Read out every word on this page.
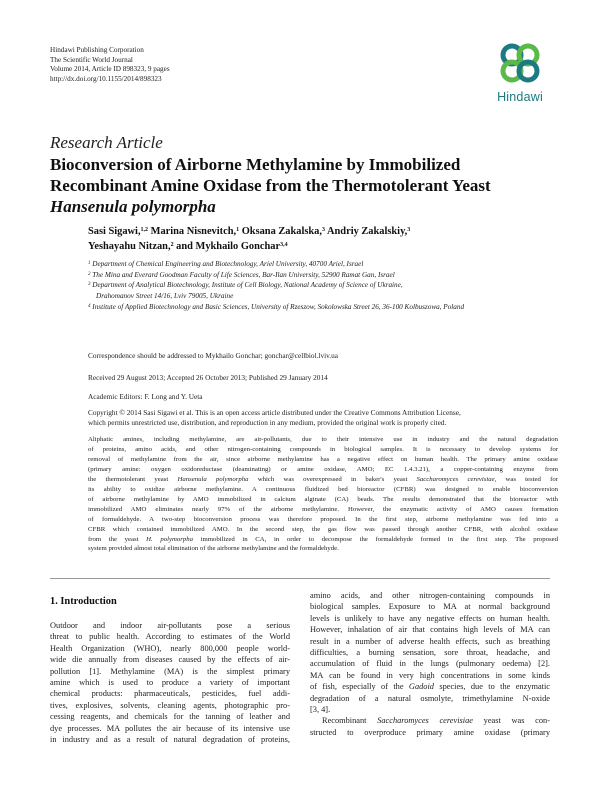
Hindawi Publishing Corporation
The Scientific World Journal
Volume 2014, Article ID 898323, 9 pages
http://dx.doi.org/10.1155/2014/898323
Hindawi
Research Article
Bioconversion of Airborne Methylamine by Immobilized
Recombinant Amine Oxidase from the Thermotolerant Yeast
Hansenula polymorpha
Sasi Sigawi,$^{1,2}$ Marina Nisnevitch,$^1$ Oksana Zakalska,$^3$ Andriy Zakalskiy,$^3$
Yeshayahu Nitzan,$^2$ and Mykhailo Gonchar$^{3,4}$
$^1$ Department of Chemical Engineering and Biotechnology, Ariel University, 40700 Ariel, Israel
$^2$ The Mina and Everard Goodman Faculty of Life Sciences, Bar-Ilan University, 52900 Ramat Gan, Israel
$^3$ Department of Analytical Biotechnology, Institute of Cell Biology, National Academy of Science of Ukraine,
Drahomanov Street 14/16, Lviv 79005, Ukraine
$^4$ Institute of Applied Biotechnology and Basic Sciences, University of Rzeszow, Sokolowska Street 26, 36-100 Kolbuszowa, Poland
Correspondence should be addressed to Mykhailo Gonchar; gonchar@cellbiol.lviv.ua
Received 29 August 2013; Accepted 26 October 2013; Published 29 January 2014
Academic Editors: F. Long and Y. Ueta
Copyright © 2014 Sasi Sigawi et al. This is an open access article distributed under the Creative Commons Attribution License,
which permits unrestricted use, distribution, and reproduction in any medium, provided the original work is properly cited.
Aliphatic amines, including methylamine, are air-pollutants, due to their intensive use in industry and the natural degradation
of proteins, amino acids, and other nitrogen-containing compounds in biological samples. It is necessary to develop systems for
removal of methylamine from the air, since airborne methylamine has a negative effect on human health. The primary amine oxidase
(primary amine: oxygen oxidoreductase (deaminating) or amine oxidase, AMO; EC 1.4.3.21), a copper-containing enzyme from
the thermotolerant yeast Hansenula polymorpha which was overexpressed in baker's yeast Saccharomyces cerevisiae, was tested for
its ability to oxidize airborne methylamine. A continuous fluidized bed bioreactor (CFBR) was designed to enable bioconversion
of airborne methylamine by AMO immobilized in calcium alginate (CA) beads. The results demonstrated that the bioreactor with
immobilized AMO eliminates nearly 97% of the airborne methylamine. However, the enzymatic activity of AMO causes formation
of formaldehyde. A two-step bioconversion process was therefore proposed. In the first step, airborne methylamine was fed into a
CFBR which contained immobilized AMO. In the second step, the gas flow was passed through another CFBR, with alcohol oxidase
from the yeast H. polymorpha immobilized in CA, in order to decompose the formaldehyde formed in the first step. The proposed
system provided almost total elimination of the airborne methylamine and the formaldehyde.
1. Introduction
Outdoor and indoor air-pollutants pose a serious
threat to public health. According to estimates of the World
Health Organization (WHO), nearly 800,000 people world-
wide die annually from diseases caused by the effects of air-
pollution [1]. Methylamine (MA) is the simplest primary
amine which is used to produce a variety of important
chemical products: pharmaceuticals, pesticides, fuel addi-
tives, explosives, solvents, cleaning agents, photographic pro-
cessing reagents, and chemicals for the tanning of leather and
dye processes. MA pollutes the air because of its intensive use
in industry and as a result of natural degradation of proteins,
amino acids, and other nitrogen-containing compounds in
biological samples. Exposure to MA at normal background
levels is unlikely to have any negative effects on human health.
However, inhalation of air that contains high levels of MA can
result in a number of adverse health effects, such as breathing
difficulties, a burning sensation, sore throat, headache, and
accumulation of fluid in the lungs (pulmonary oedema) [2].
MA can be found in very high concentrations in some kinds
of fish, especially of the Gadoid species, due to the enzymatic
degradation of a natural osmolyte, trimethylamine N-oxide
[3, 4].
Recombinant Saccharomyces cerevisiae yeast was con-
structed to overproduce primary amine oxidase (primary
